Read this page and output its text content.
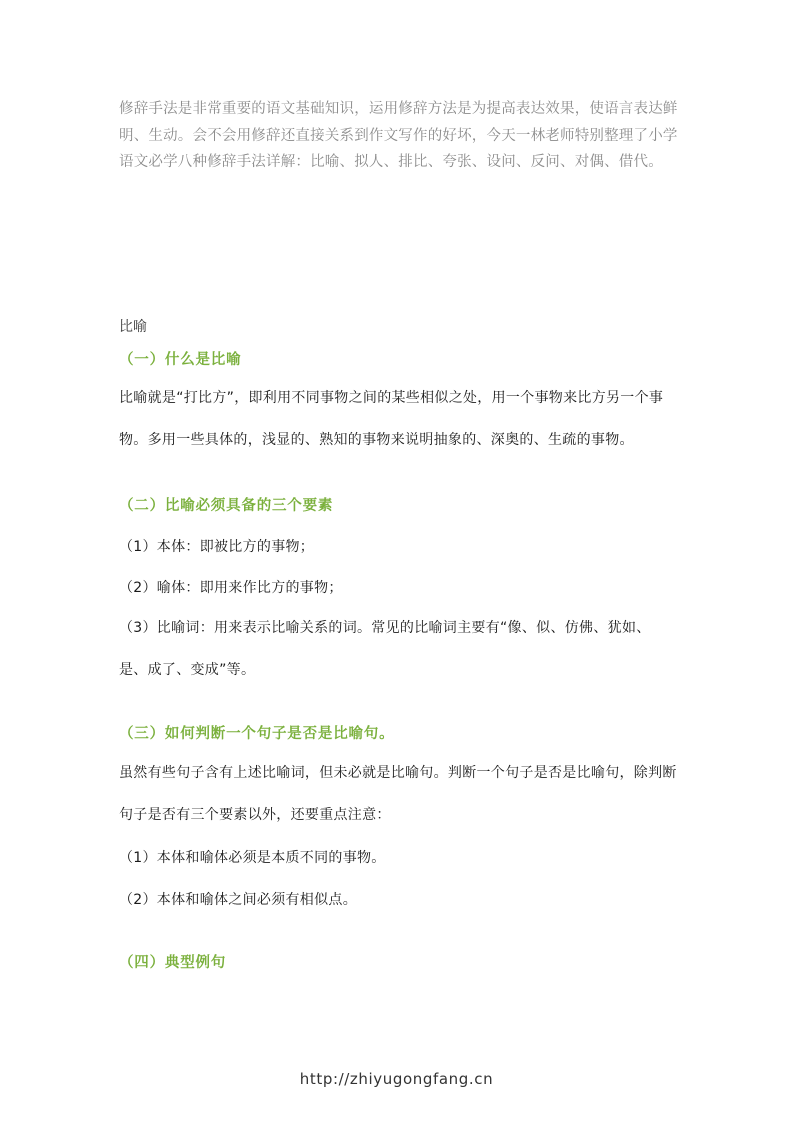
修辞手法是非常重要的语文基础知识，运用修辞方法是为提高表达效果，使语言表达鲜明、生动。会不会用修辞还直接关系到作文写作的好坏，今天一林老师特别整理了小学语文必学八种修辞手法详解：比喻、拟人、排比、夸张、设问、反问、对偶、借代。
比喻
（一）什么是比喻
比喻就是“打比方”，即利用不同事物之间的某些相似之处，用一个事物来比方另一个事物。多用一些具体的，浅显的、熟知的事物来说明抽象的、深奥的、生疏的事物。
（二）比喻必须具备的三个要素
（1）本体：即被比方的事物；
（2）喻体：即用来作比方的事物；
（3）比喻词：用来表示比喻关系的词。常见的比喻词主要有“像、似、仿佛、犹如、是、成了、变成”等。
（三）如何判断一个句子是否是比喻句。
虽然有些句子含有上述比喻词，但未必就是比喻句。判断一个句子是否是比喻句，除判断句子是否有三个要素以外，还要重点注意：
（1）本体和喻体必须是本质不同的事物。
（2）本体和喻体之间必须有相似点。
（四）典型例句
http://zhiyugongfang.cn
